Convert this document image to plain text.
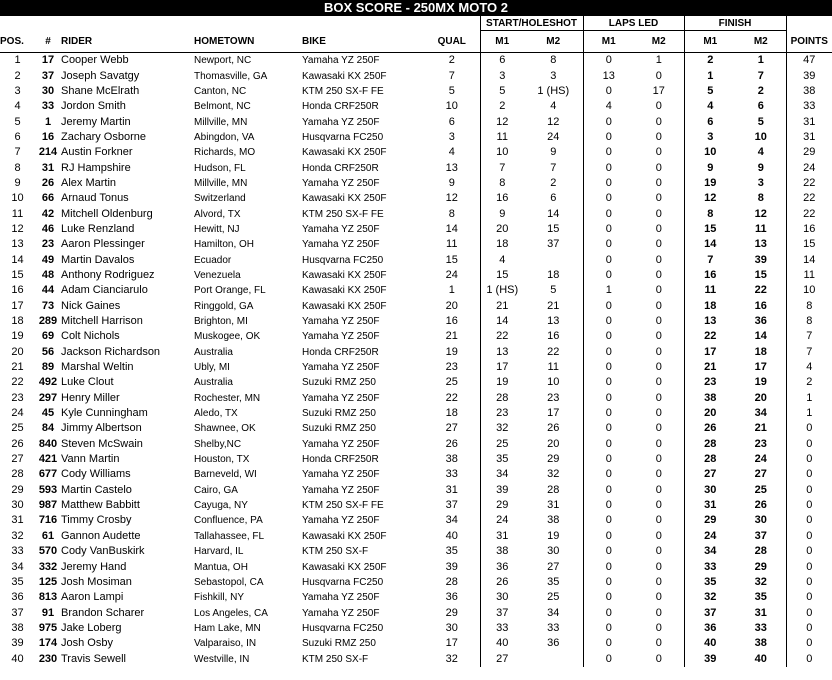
BOX SCORE - 250MX MOTO 2
						START/HOLESHOT		LAPS LED		FINISH		
POS.	#	RIDER	HOMETOWN	BIKE	QUAL	M1	M2	M1	M2	M1	M2	POINTS
1	17	Cooper Webb	Newport, NC	Yamaha YZ 250F	2	6	8	0	1	2	1	47
2	37	Joseph Savatgy	Thomasville, GA	Kawasaki KX 250F	7	3	3	13	0	1	7	39
3	30	Shane McElrath	Canton, NC	KTM 250 SX-F FE	5	5	1 (HS)	0	17	5	2	38
4	33	Jordon Smith	Belmont, NC	Honda CRF250R	10	2	4	4	0	4	6	33
5	1	Jeremy Martin	Millville, MN	Yamaha YZ 250F	6	12	12	0	0	6	5	31
6	16	Zachary Osborne	Abingdon, VA	Husqvarna FC250	3	11	24	0	0	3	10	31
7	214	Austin Forkner	Richards, MO	Kawasaki KX 250F	4	10	9	0	0	10	4	29
8	31	RJ Hampshire	Hudson, FL	Honda CRF250R	13	7	7	0	0	9	9	24
9	26	Alex Martin	Millville, MN	Yamaha YZ 250F	9	8	2	0	0	19	3	22
10	66	Arnaud Tonus	Switzerland	Kawasaki KX 250F	12	16	6	0	0	12	8	22
11	42	Mitchell Oldenburg	Alvord, TX	KTM 250 SX-F FE	8	9	14	0	0	8	12	22
12	46	Luke Renzland	Hewitt, NJ	Yamaha YZ 250F	14	20	15	0	0	15	11	16
13	23	Aaron Plessinger	Hamilton, OH	Yamaha YZ 250F	11	18	37	0	0	14	13	15
14	49	Martin Davalos	Ecuador	Husqvarna FC250	15	4		0	0	7	39	14
15	48	Anthony Rodriguez	Venezuela	Kawasaki KX 250F	24	15	18	0	0	16	15	11
16	44	Adam Cianciarulo	Port Orange, FL	Kawasaki KX 250F	1	1 (HS)	5	1	0	11	22	10
17	73	Nick Gaines	Ringgold, GA	Kawasaki KX 250F	20	21	21	0	0	18	16	8
18	289	Mitchell Harrison	Brighton, MI	Yamaha YZ 250F	16	14	13	0	0	13	36	8
19	69	Colt Nichols	Muskogee, OK	Yamaha YZ 250F	21	22	16	0	0	22	14	7
20	56	Jackson Richardson	Australia	Honda CRF250R	19	13	22	0	0	17	18	7
21	89	Marshal Weltin	Ubly, MI	Yamaha YZ 250F	23	17	11	0	0	21	17	4
22	492	Luke Clout	Australia	Suzuki RMZ 250	25	19	10	0	0	23	19	2
23	297	Henry Miller	Rochester, MN	Yamaha YZ 250F	22	28	23	0	0	38	20	1
24	45	Kyle Cunningham	Aledo, TX	Suzuki RMZ 250	18	23	17	0	0	20	34	1
25	84	Jimmy Albertson	Shawnee, OK	Suzuki RMZ 250	27	32	26	0	0	26	21	0
26	840	Steven McSwain	Shelby,NC	Yamaha YZ 250F	26	25	20	0	0	28	23	0
27	421	Vann Martin	Houston, TX	Honda CRF250R	38	35	29	0	0	28	24	0
28	677	Cody Williams	Barneveld, WI	Yamaha YZ 250F	33	34	32	0	0	27	27	0
29	593	Martin Castelo	Cairo, GA	Yamaha YZ 250F	31	39	28	0	0	30	25	0
30	987	Matthew Babbitt	Cayuga, NY	KTM 250 SX-F FE	37	29	31	0	0	31	26	0
31	716	Timmy Crosby	Confluence, PA	Yamaha YZ 250F	34	24	38	0	0	29	30	0
32	61	Gannon Audette	Tallahassee, FL	Kawasaki KX 250F	40	31	19	0	0	24	37	0
33	570	Cody VanBuskirk	Harvard, IL	KTM 250 SX-F	35	38	30	0	0	34	28	0
34	332	Jeremy Hand	Mantua, OH	Kawasaki KX 250F	39	36	27	0	0	33	29	0
35	125	Josh Mosiman	Sebastopol, CA	Husqvarna FC250	28	26	35	0	0	35	32	0
36	813	Aaron Lampi	Fishkill, NY	Yamaha YZ 250F	36	30	25	0	0	32	35	0
37	91	Brandon Scharer	Los Angeles, CA	Yamaha YZ 250F	29	37	34	0	0	37	31	0
38	975	Jake Loberg	Ham Lake, MN	Husqvarna FC250	30	33	33	0	0	36	33	0
39	174	Josh Osby	Valparaiso, IN	Suzuki RMZ 250	17	40	36	0	0	40	38	0
40	230	Travis Sewell	Westville, IN	KTM 250 SX-F	32	27		0	0	39	40	0
